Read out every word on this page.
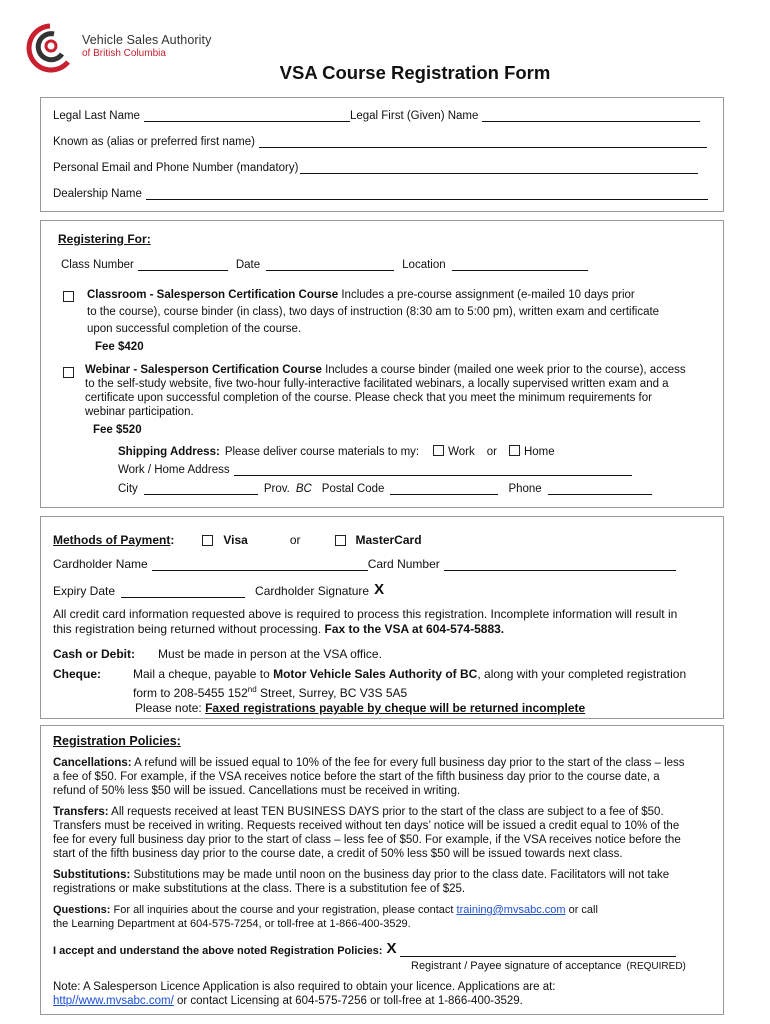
Vehicle Sales Authority
of British Columbia
VSA Course Registration Form
Legal Last Name	Legal First (Given) Name
Known as (alias or preferred first name)
Personal Email and Phone Number (mandatory)
Dealership Name
Registering For:
Class Number	Date	Location
Classroom - Salesperson Certification Course Includes a pre-course assignment (e-mailed 10 days prior
to the course), course binder (in class), two days of instruction (8:30 am to 5:00 pm), written exam and certificate
upon successful completion of the course.
Fee $420
Webinar - Salesperson Certification Course Includes a course binder (mailed one week prior to the course), access
to the self-study website, five two-hour fully-interactive facilitated webinars, a locally supervised written exam and a
certificate upon successful completion of the course. Please check that you meet the minimum requirements for
webinar participation.
Fee $520
Shipping Address: Please deliver course materials to my:	Work or Home
Work / Home Address
City	Prov. BC Postal Code	Phone
Methods of Payment :	Visa	or	MasterCard
Cardholder Name	Card Number
Expiry Date	Cardholder Signature X
All credit card information requested above is required to process this registration. Incomplete information will result in
this registration being returned without processing. Fax to the VSA at 604-574-5883.
Cash or Debit: Must be made in person at the VSA office.
Cheque:	Mail a cheque, payable to Motor Vehicle Sales Authority of BC, along with your completed registration
form to 208-5455 152nd Street, Surrey, BC V3S 5A5
Please note: Faxed registrations payable by cheque will be returned incomplete
Registration Policies:
Cancellations: A refund will be issued equal to 10% of the fee for every full business day prior to the start of the class – less
a fee of $50. For example, if the VSA receives notice before the start of the fifth business day prior to the course date, a
refund of 50% less $50 will be issued. Cancellations must be received in writing.
Transfers: All requests received at least TEN BUSINESS DAYS prior to the start of the class are subject to a fee of $50.
Transfers must be received in writing. Requests received without ten days’ notice will be issued a credit equal to 10% of the
fee for every full business day prior to the start of class – less fee of $50. For example, if the VSA receives notice before the
start of the fifth business day prior to the course date, a credit of 50% less $50 will be issued towards next class.
Substitutions: Substitutions may be made until noon on the business day prior to the class date. Facilitators will not take
registrations or make substitutions at the class. There is a substitution fee of $25.
Questions: For all inquiries about the course and your registration, please contact training@mvsabc.com or call
the Learning Department at 604-575-7254, or toll-free at 1-866-400-3529.
I accept and understand the above noted Registration Policies: X
Registrant / Payee signature of acceptance (REQUIRED)
Note: A Salesperson Licence Application is also required to obtain your licence. Applications are at:
http//www.mvsabc.com/ or contact Licensing at 604-575-7256 or toll-free at 1-866-400-3529.
